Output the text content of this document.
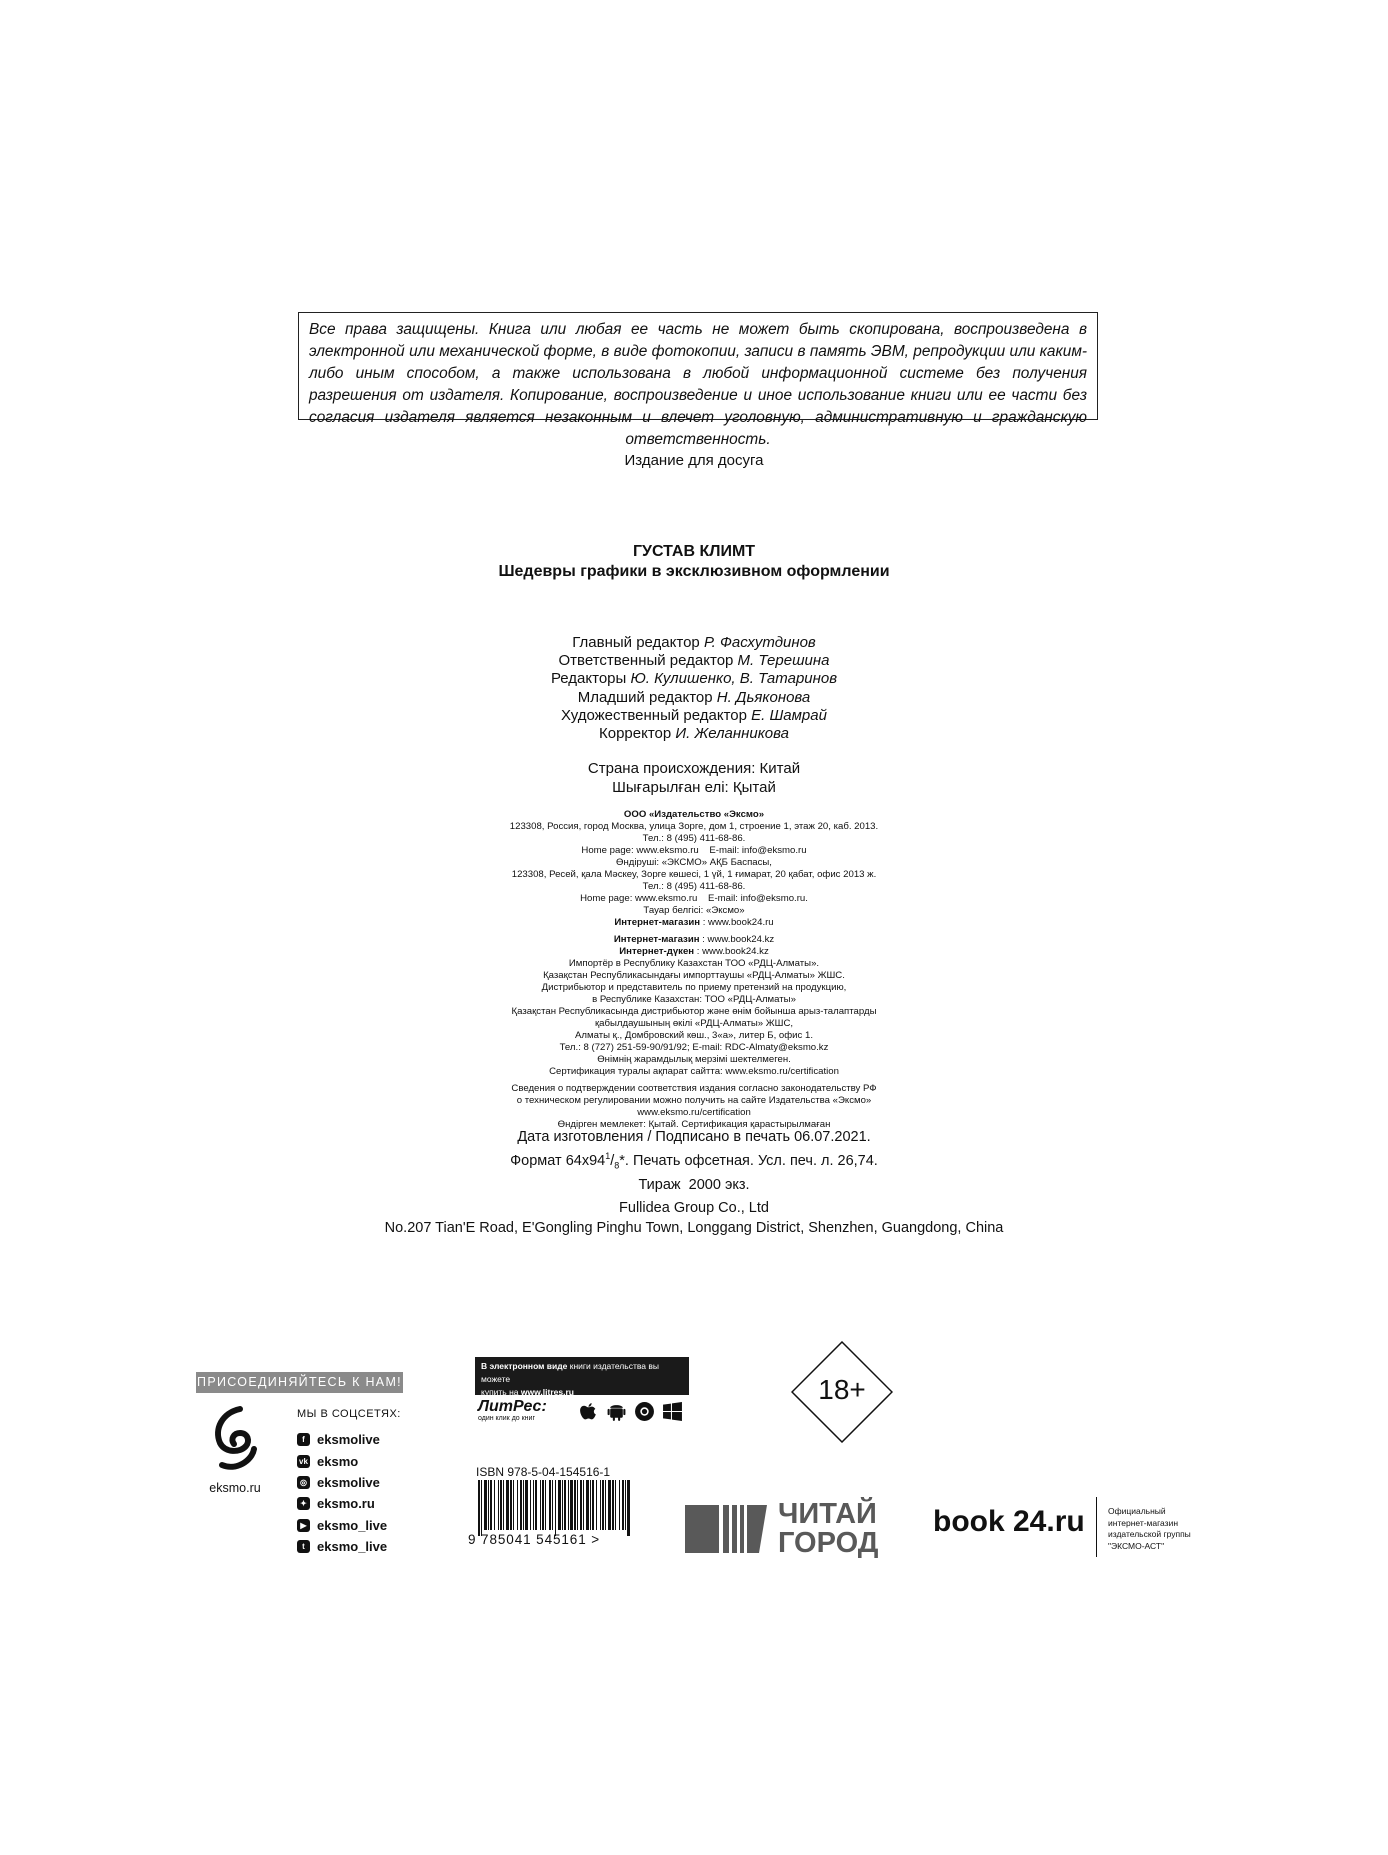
Все права защищены. Книга или любая ее часть не может быть скопирована, воспроизведена в электронной или механической форме, в виде фотокопии, записи в память ЭВМ, репродукции или каким-либо иным способом, а также использована в любой информационной системе без получения разрешения от издателя. Копирование, воспроизведение и иное использование книги или ее части без согласия издателя является незаконным и влечет уголовную, административную и гражданскую ответственность.
Издание для досуга
ГУСТАВ КЛИМТ
Шедевры графики в эксклюзивном оформлении
Главный редактор Р. Фасхутдинов
Ответственный редактор М. Терешина
Редакторы Ю. Кулишенко, В. Татаринов
Младший редактор Н. Дьяконова
Художественный редактор Е. Шамрай
Корректор И. Желанникова
Страна происхождения: Китай
Шығарылған елі: Қытай
ООО «Издательство «Эксмо»
123308, Россия, город Москва, улица Зорге, дом 1, строение 1, этаж 20, каб. 2013.
Тел.: 8 (495) 411-68-86.
Home page: www.eksmo.ru    E-mail: info@eksmo.ru
Өндіруші: «ЭКСМО» АҚБ Баспасы,
123308, Ресей, қала Мәскеу, Зорге көшесі, 1 үй, 1 ғимарат, 20 қабат, офис 2013 ж.
Тел.: 8 (495) 411-68-86.
Home page: www.eksmo.ru    E-mail: info@eksmo.ru.
Тауар белгісі: «Эксмо»
Интернет-магазин : www.book24.ru
Интернет-магазин : www.book24.kz
Интернет-дүкен : www.book24.kz
Импортёр в Республику Казахстан ТОО «РДЦ-Алматы».
Қазақстан Республикасындағы импорттаушы «РДЦ-Алматы» ЖШС.
Дистрибьютор и представитель по приему претензий на продукцию,
в Республике Казахстан: ТОО «РДЦ-Алматы»
Қазақстан Республикасында дистрибьютор және өнім бойынша арыз-талаптарды
қабылдаушының өкілі «РДЦ-Алматы» ЖШС,
Алматы қ., Домбровский көш., 3«а», литер Б, офис 1.
Тел.: 8 (727) 251-59-90/91/92; E-mail: RDC-Almaty@eksmo.kz
Өнімнің жарамдылық мерзімі шектелмеген.
Сертификация туралы ақпарат сайтта: www.eksmo.ru/certification
Сведения о подтверждении соответствия издания согласно законодательству РФ
о техническом регулировании можно получить на сайте Издательства «Эксмо»
www.eksmo.ru/certification
Өндірген мемлекет: Қытай. Сертификация қарастырылмаған
Дата изготовления / Подписано в печать 06.07.2021.
Формат $64x94^1/_8*$. Печать офсетная. Усл. печ. л. 26,74.
Тираж  2000 экз.
Fullidea Group Co., Ltd
No.207 Tian'E Road, E'Gongling Pinghu Town, Longgang District, Shenzhen, Guangdong, China
ПРИСОЕДИНЯЙТЕСЬ К НАМ!
eksmo.ru
МЫ В СОЦСЕТЯХ:
f eksmolive
vk eksmo
◎ eksmolive
✦ eksmo.ru
▶ eksmo_live
t eksmo_live
В электронном виде книги издательства вы можете
купить на www.litres.ru
ЛитРес:
один клик до книг
ISBN 978-5-04-154516-1
9 785041 545161 >
18+
ЧИТАЙ
ГОРОД
book 24.ru	Официальный
интернет-магазин
издательской группы
"ЭКСМО-АСТ"
